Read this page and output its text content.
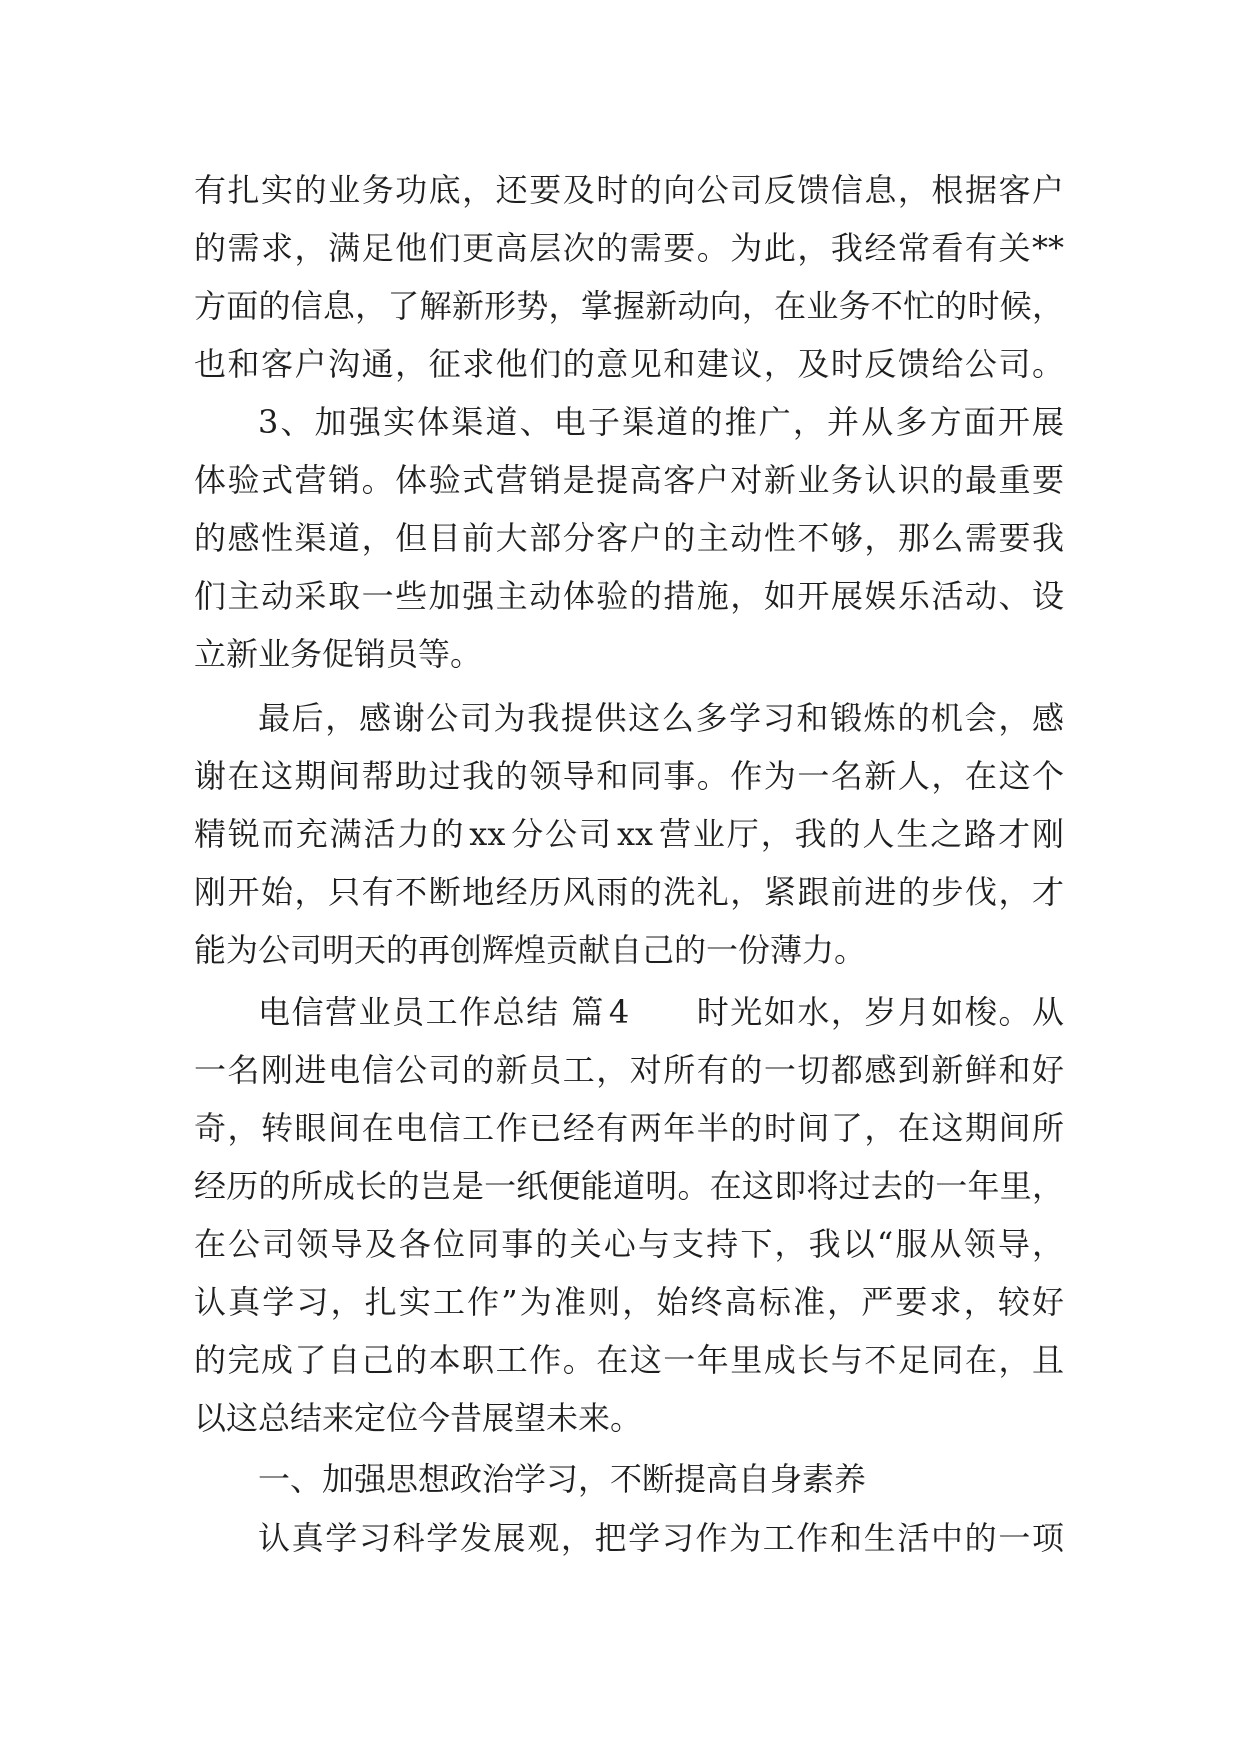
有扎实的业务功底，还要及时的向公司反馈信息，根据客户
的需求，满足他们更高层次的需要。为此，我经常看有关**
方面的信息，了解新形势，掌握新动向，在业务不忙的时候，
也和客户沟通，征求他们的意见和建议，及时反馈给公司。
3、加强实体渠道、电子渠道的推广，并从多方面开展
体验式营销。体验式营销是提高客户对新业务认识的最重要
的感性渠道，但目前大部分客户的主动性不够，那么需要我
们主动采取一些加强主动体验的措施，如开展娱乐活动、设
立新业务促销员等。
最后，感谢公司为我提供这么多学习和锻炼的机会，感
谢在这期间帮助过我的领导和同事。作为一名新人，在这个
精锐而充满活力的xx分公司xx营业厅，我的人生之路才刚
刚开始，只有不断地经历风雨的洗礼，紧跟前进的步伐，才
能为公司明天的再创辉煌贡献自己的一份薄力。
电信营业员工作总结 篇4 时光如水，岁月如梭。从
一名刚进电信公司的新员工，对所有的一切都感到新鲜和好
奇，转眼间在电信工作已经有两年半的时间了，在这期间所
经历的所成长的岂是一纸便能道明。在这即将过去的一年里，
在公司领导及各位同事的关心与支持下，我以“服从领导，
认真学习，扎实工作”为准则，始终高标准，严要求，较好
的完成了自己的本职工作。在这一年里成长与不足同在，且
以这总结来定位今昔展望未来。
一、加强思想政治学习，不断提高自身素养
认真学习科学发展观，把学习作为工作和生活中的一项
